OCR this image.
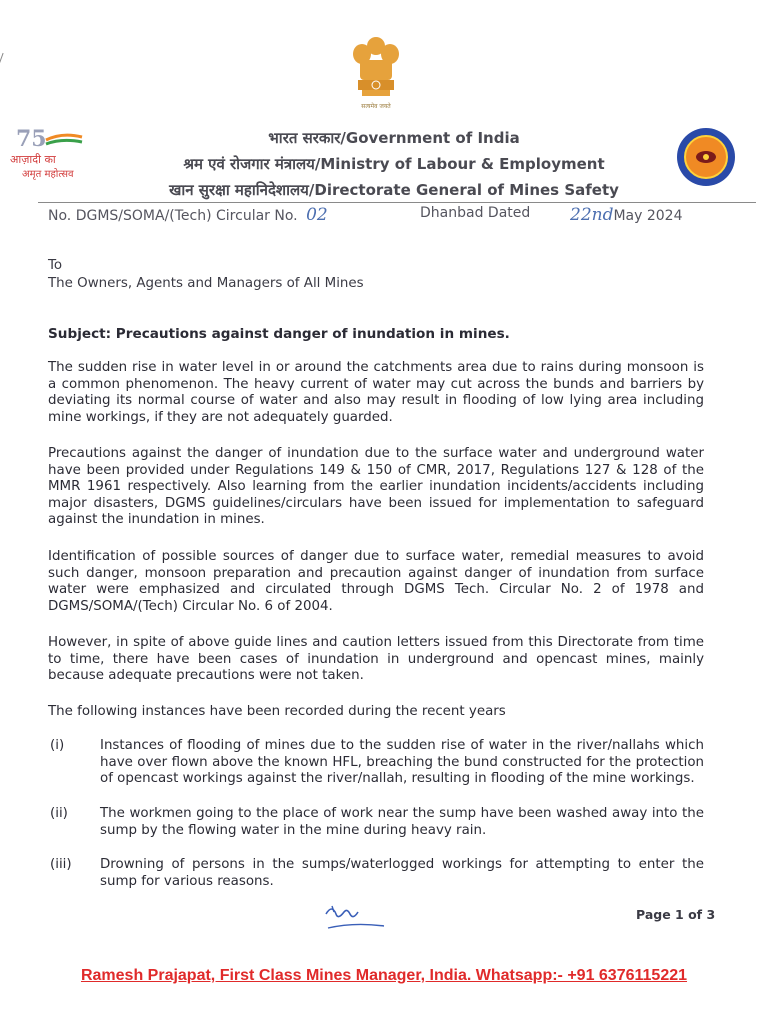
सत्यमेव जयते
75
आज़ादी का
अमृत महोत्सव
भारत सरकार/Government of India
श्रम एवं रोजगार मंत्रालय/Ministry of Labour & Employment
खान सुरक्षा महानिदेशालय/Directorate General of Mines Safety
No. DGMS/SOMA/(Tech) Circular No. 02	Dhanbad Dated 22ndMay 2024
To
The Owners, Agents and Managers of All Mines
Subject: Precautions against danger of inundation in mines.
The sudden rise in water level in or around the catchments area due to rains during monsoon is a common phenomenon. The heavy current of water may cut across the bunds and barriers by deviating its normal course of water and also may result in flooding of low lying area including mine workings, if they are not adequately guarded.
Precautions against the danger of inundation due to the surface water and underground water have been provided under Regulations 149 & 150 of CMR, 2017, Regulations 127 & 128 of the MMR 1961 respectively. Also learning from the earlier inundation incidents/accidents including major disasters, DGMS guidelines/circulars have been issued for implementation to safeguard against the inundation in mines.
Identification of possible sources of danger due to surface water, remedial measures to avoid such danger, monsoon preparation and precaution against danger of inundation from surface water were emphasized and circulated through DGMS Tech. Circular No. 2 of 1978 and DGMS/SOMA/(Tech) Circular No. 6 of 2004.
However, in spite of above guide lines and caution letters issued from this Directorate from time to time, there have been cases of inundation in underground and opencast mines, mainly because adequate precautions were not taken.
The following instances have been recorded during the recent years
(i)	Instances of flooding of mines due to the sudden rise of water in the river/nallahs which have over flown above the known HFL, breaching the bund constructed for the protection of opencast workings against the river/nallah, resulting in flooding of the mine workings.
(ii) The workmen going to the place of work near the sump have been washed away into the sump by the flowing water in the mine during heavy rain.
(iii) Drowning of persons in the sumps/waterlogged workings for attempting to enter the sump for various reasons.
Page 1 of 3
Ramesh Prajapat, First Class Mines Manager, India. Whatsapp:- +91 6376115221
